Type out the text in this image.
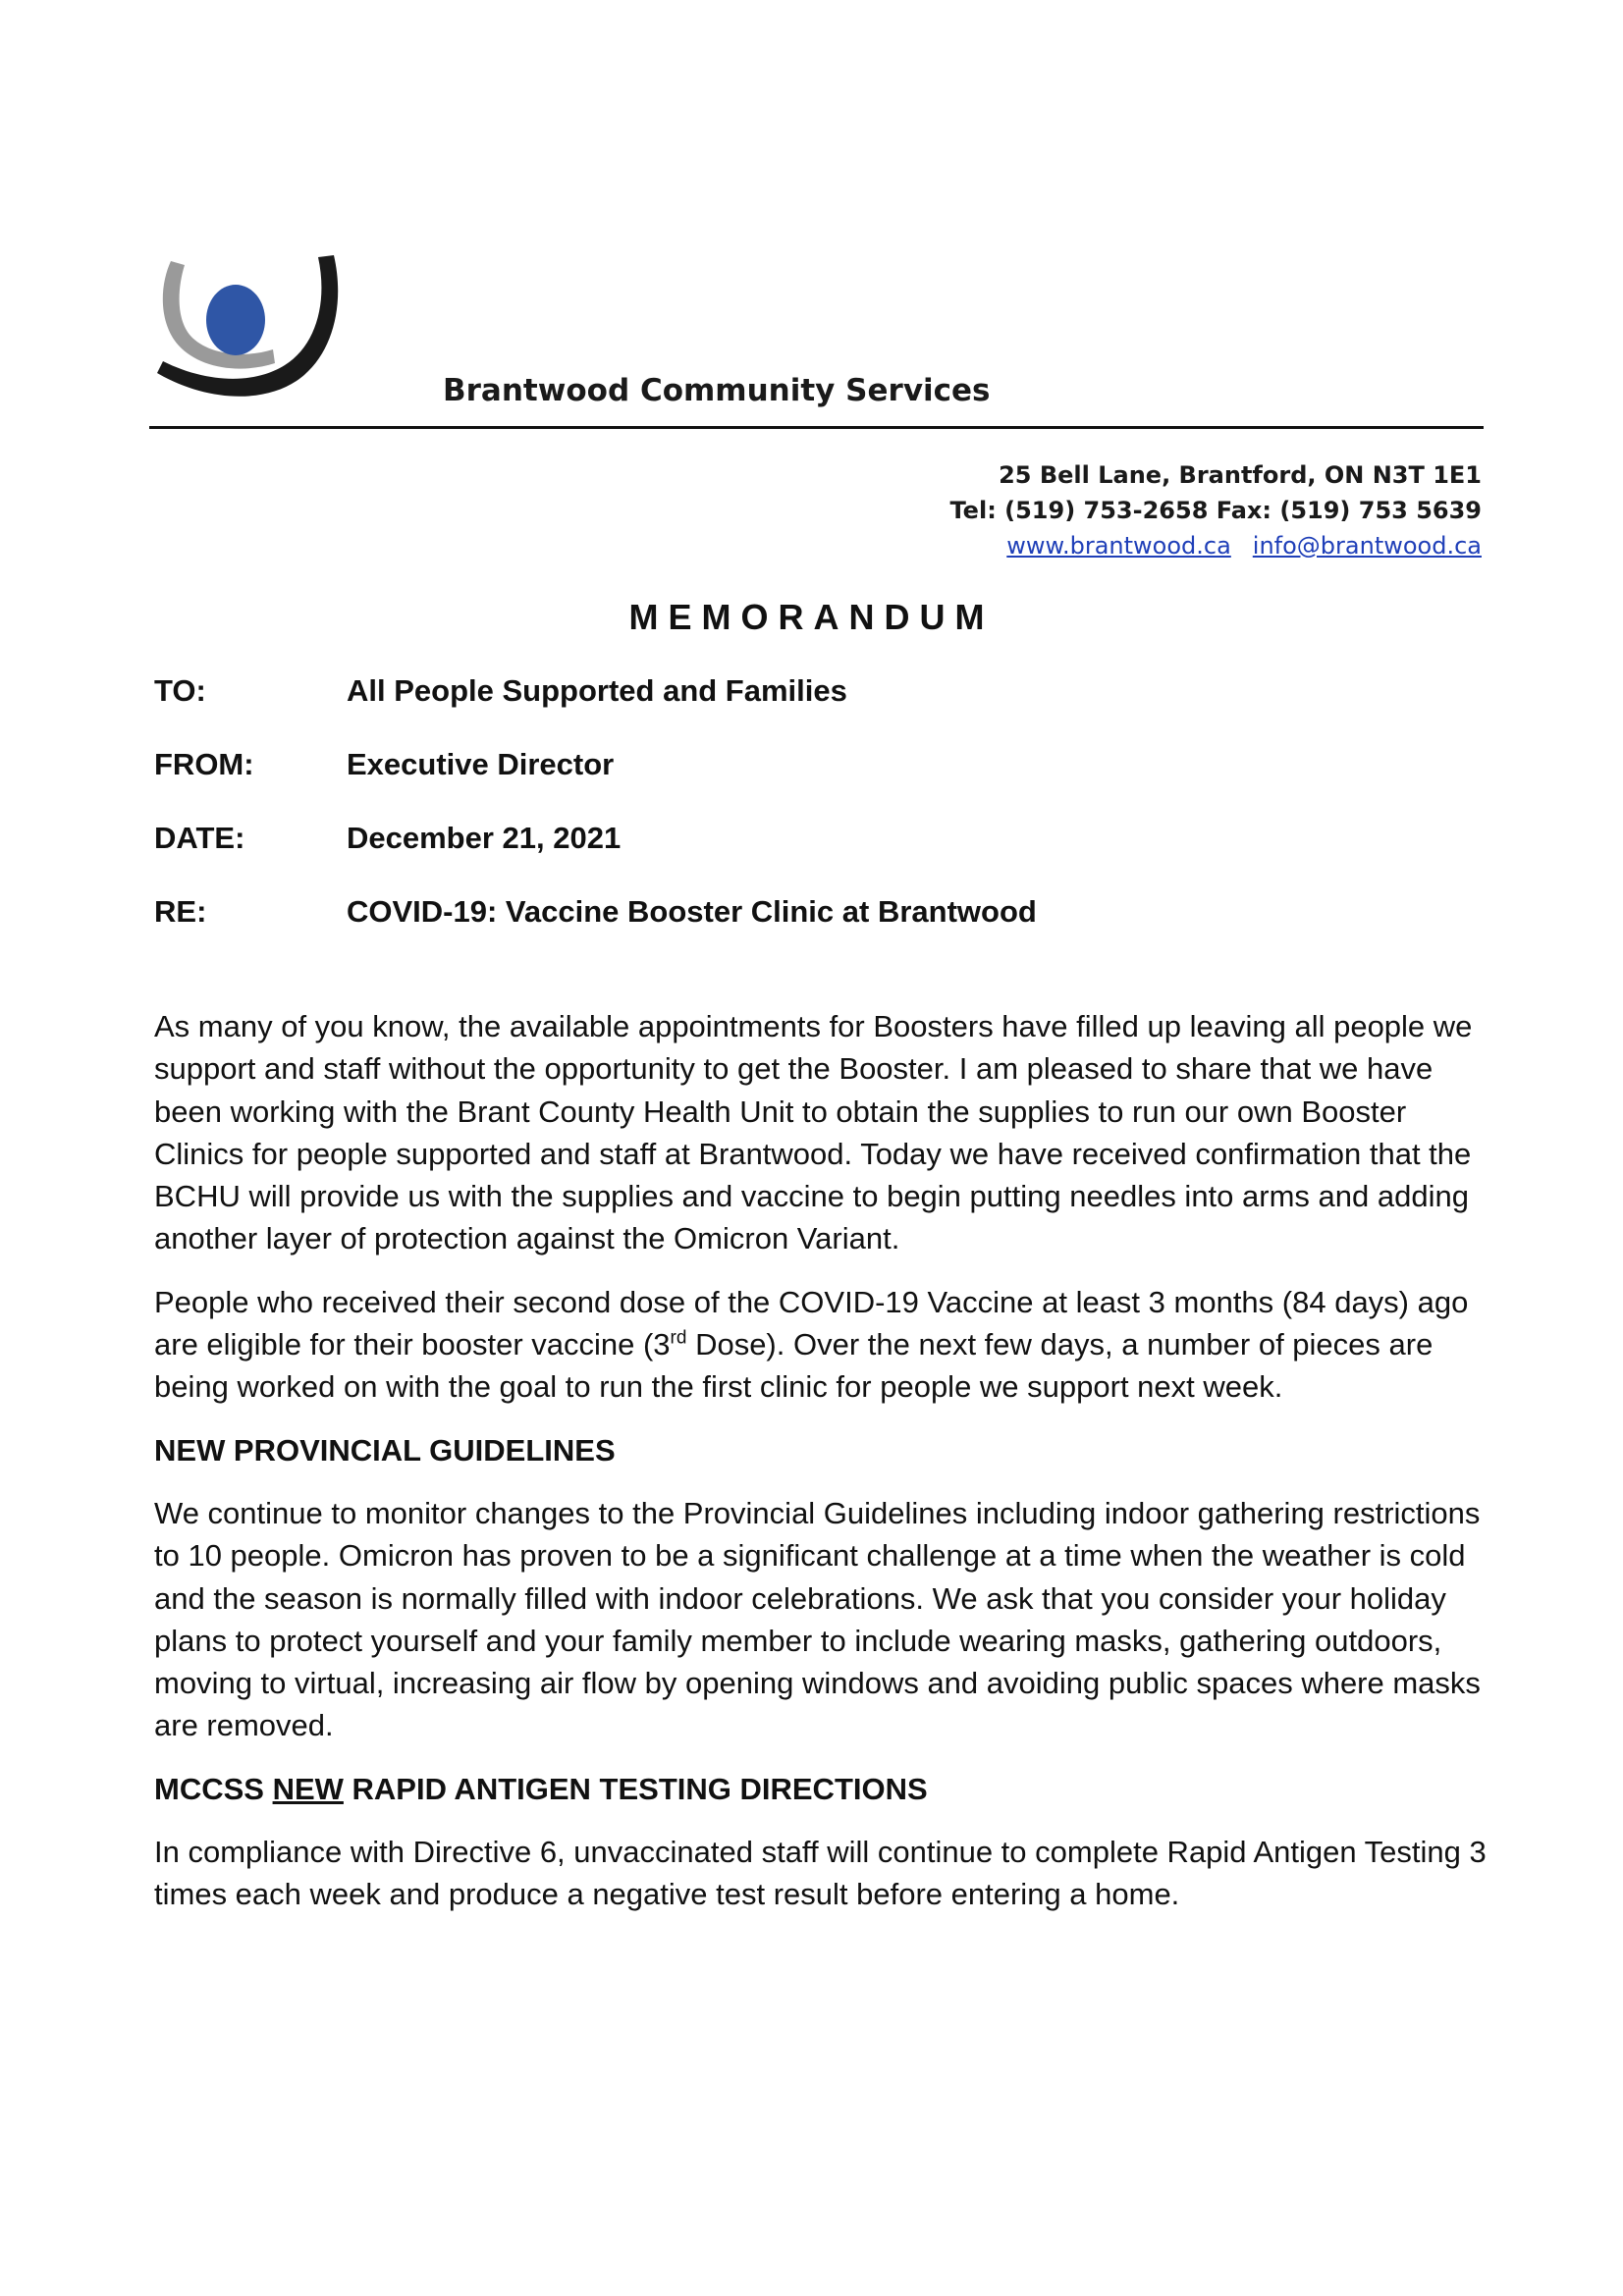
Brantwood Community Services
25 Bell Lane, Brantford, ON N3T 1E1
Tel: (519) 753-2658 Fax: (519) 753 5639
www.brantwood.ca info@brantwood.ca
MEMORANDUM
TO:	All People Supported and Families
FROM:	Executive Director
DATE:	December 21, 2021
RE:	COVID-19: Vaccine Booster Clinic at Brantwood

As many of you know, the available appointments for Boosters have filled up leaving all people we support and staff without the opportunity to get the Booster. I am pleased to share that we have been working with the Brant County Health Unit to obtain the supplies to run our own Booster Clinics for people supported and staff at Brantwood. Today we have received confirmation that the BCHU will provide us with the supplies and vaccine to begin putting needles into arms and adding another layer of protection against the Omicron Variant.

People who received their second dose of the COVID-19 Vaccine at least 3 months (84 days) ago are eligible for their booster vaccine (3rd Dose). Over the next few days, a number of pieces are being worked on with the goal to run the first clinic for people we support next week.

NEW PROVINCIAL GUIDELINES

We continue to monitor changes to the Provincial Guidelines including indoor gathering restrictions to 10 people. Omicron has proven to be a significant challenge at a time when the weather is cold and the season is normally filled with indoor celebrations. We ask that you consider your holiday plans to protect yourself and your family member to include wearing masks, gathering outdoors, moving to virtual, increasing air flow by opening windows and avoiding public spaces where masks are removed.

MCCSS NEW RAPID ANTIGEN TESTING DIRECTIONS

In compliance with Directive 6, unvaccinated staff will continue to complete Rapid Antigen Testing 3 times each week and produce a negative test result before entering a home.
